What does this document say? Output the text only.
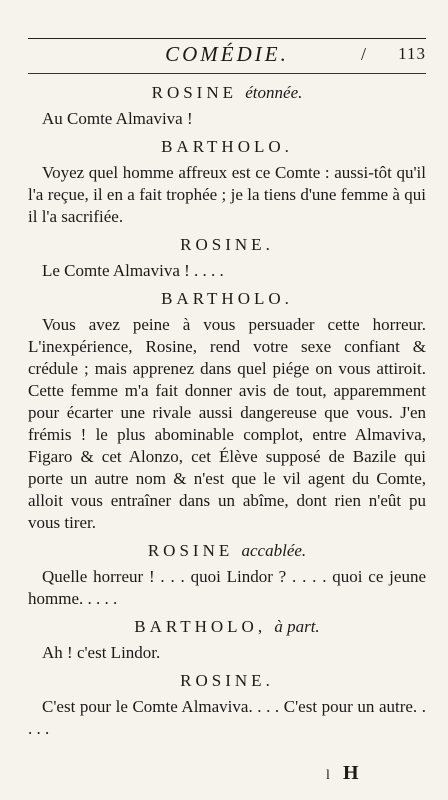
COMÉDIE.	/ 113
ROSINE étonnée.

Au Comte Almaviva !

BARTHOLO.

Voyez quel homme affreux est ce Comte : aussi-tôt qu'il l'a reçue, il en a fait trophée ; je la tiens d'une femme à qui il l'a sacrifiée.

ROSINE.

Le Comte Almaviva ! . . . .

BARTHOLO.

Vous avez peine à vous persuader cette horreur. L'inexpérience, Rosine, rend votre sexe confiant & crédule ; mais apprenez dans quel piége on vous attiroit. Cette femme m'a fait donner avis de tout, apparemment pour écarter une rivale aussi dangereuse que vous. J'en frémis ! le plus abominable complot, entre Almaviva, Figaro & cet Alonzo, cet Élève supposé de Bazile qui porte un autre nom & n'est que le vil agent du Comte, alloit vous entraîner dans un abîme, dont rien n'eût pu vous tirer.

ROSINE accablée.

Quelle horreur ! . . . quoi Lindor ? . . . . quoi ce jeune homme. . . . .

BARTHOLO, à part.

Ah ! c'est Lindor.

ROSINE.

C'est pour le Comte Almaviva. . . . C'est pour un autre. . . . .

l H
